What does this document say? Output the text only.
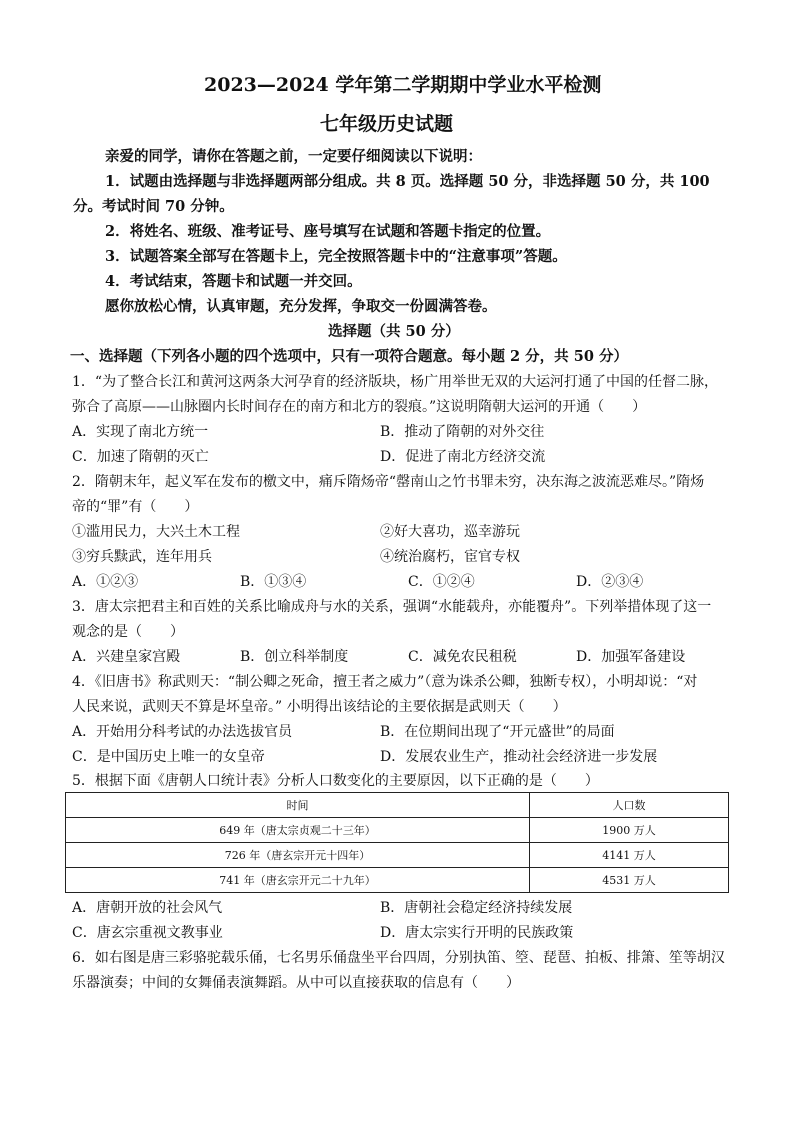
2023—2024 学年第二学期期中学业水平检测
七年级历史试题
亲爱的同学，请你在答题之前，一定要仔细阅读以下说明：
1．试题由选择题与非选择题两部分组成。共 8 页。选择题 50 分，非选择题 50 分，共 100
分。考试时间 70 分钟。
2．将姓名、班级、准考证号、座号填写在试题和答题卡指定的位置。
3．试题答案全部写在答题卡上，完全按照答题卡中的“注意事项”答题。
4．考试结束，答题卡和试题一并交回。
愿你放松心情，认真审题，充分发挥，争取交一份圆满答卷。
选择题（共 50 分）
一、选择题（下列各小题的四个选项中，只有一项符合题意。每小题 2 分，共 50 分）
1．“为了整合长江和黄河这两条大河孕育的经济版块，杨广用举世无双的大运河打通了中国的任督二脉，
弥合了高原——山脉圈内长时间存在的南方和北方的裂痕。”这说明隋朝大运河的开通（　　）
A．实现了南北方统一	B．推动了隋朝的对外交往
C．加速了隋朝的灭亡	D．促进了南北方经济交流
2．隋朝末年，起义军在发布的檄文中，痛斥隋炀帝“罄南山之竹书罪未穷，决东海之波流恶难尽。”隋炀
帝的“罪”有（　　）
①滥用民力，大兴土木工程	②好大喜功，巡幸游玩
③穷兵黩武，连年用兵	④统治腐朽，宦官专权
A．①②③	B．①③④	C．①②④	D．②③④
3．唐太宗把君主和百姓的关系比喻成舟与水的关系，强调“水能载舟，亦能覆舟”。下列举措体现了这一
观念的是（　　）
A．兴建皇家宫殿	B．创立科举制度	C．减免农民租税	D．加强军备建设
4．《旧唐书》称武则天：“制公卿之死命，擅王者之威力”（意为诛杀公卿，独断专权），小明却说：“对
人民来说，武则天不算是坏皇帝。” 小明得出该结论的主要依据是武则天（　　）
A．开始用分科考试的办法选拔官员	B．在位期间出现了“开元盛世”的局面
C．是中国历史上唯一的女皇帝	D．发展农业生产，推动社会经济进一步发展
5．根据下面《唐朝人口统计表》分析人口数变化的主要原因，以下正确的是（　　）
时间	人口数
649 年（唐太宗贞观二十三年）	1900 万人
726 年（唐玄宗开元十四年）	4141 万人
741 年（唐玄宗开元二十九年）	4531 万人
A．唐朝开放的社会风气	B．唐朝社会稳定经济持续发展
C．唐玄宗重视文教事业	D．唐太宗实行开明的民族政策
6．如右图是唐三彩骆驼载乐俑，七名男乐俑盘坐平台四周，分别执笛、箜、琵琶、拍板、排箫、笙等胡汉
乐器演奏；中间的女舞俑表演舞蹈。从中可以直接获取的信息有（　　）
